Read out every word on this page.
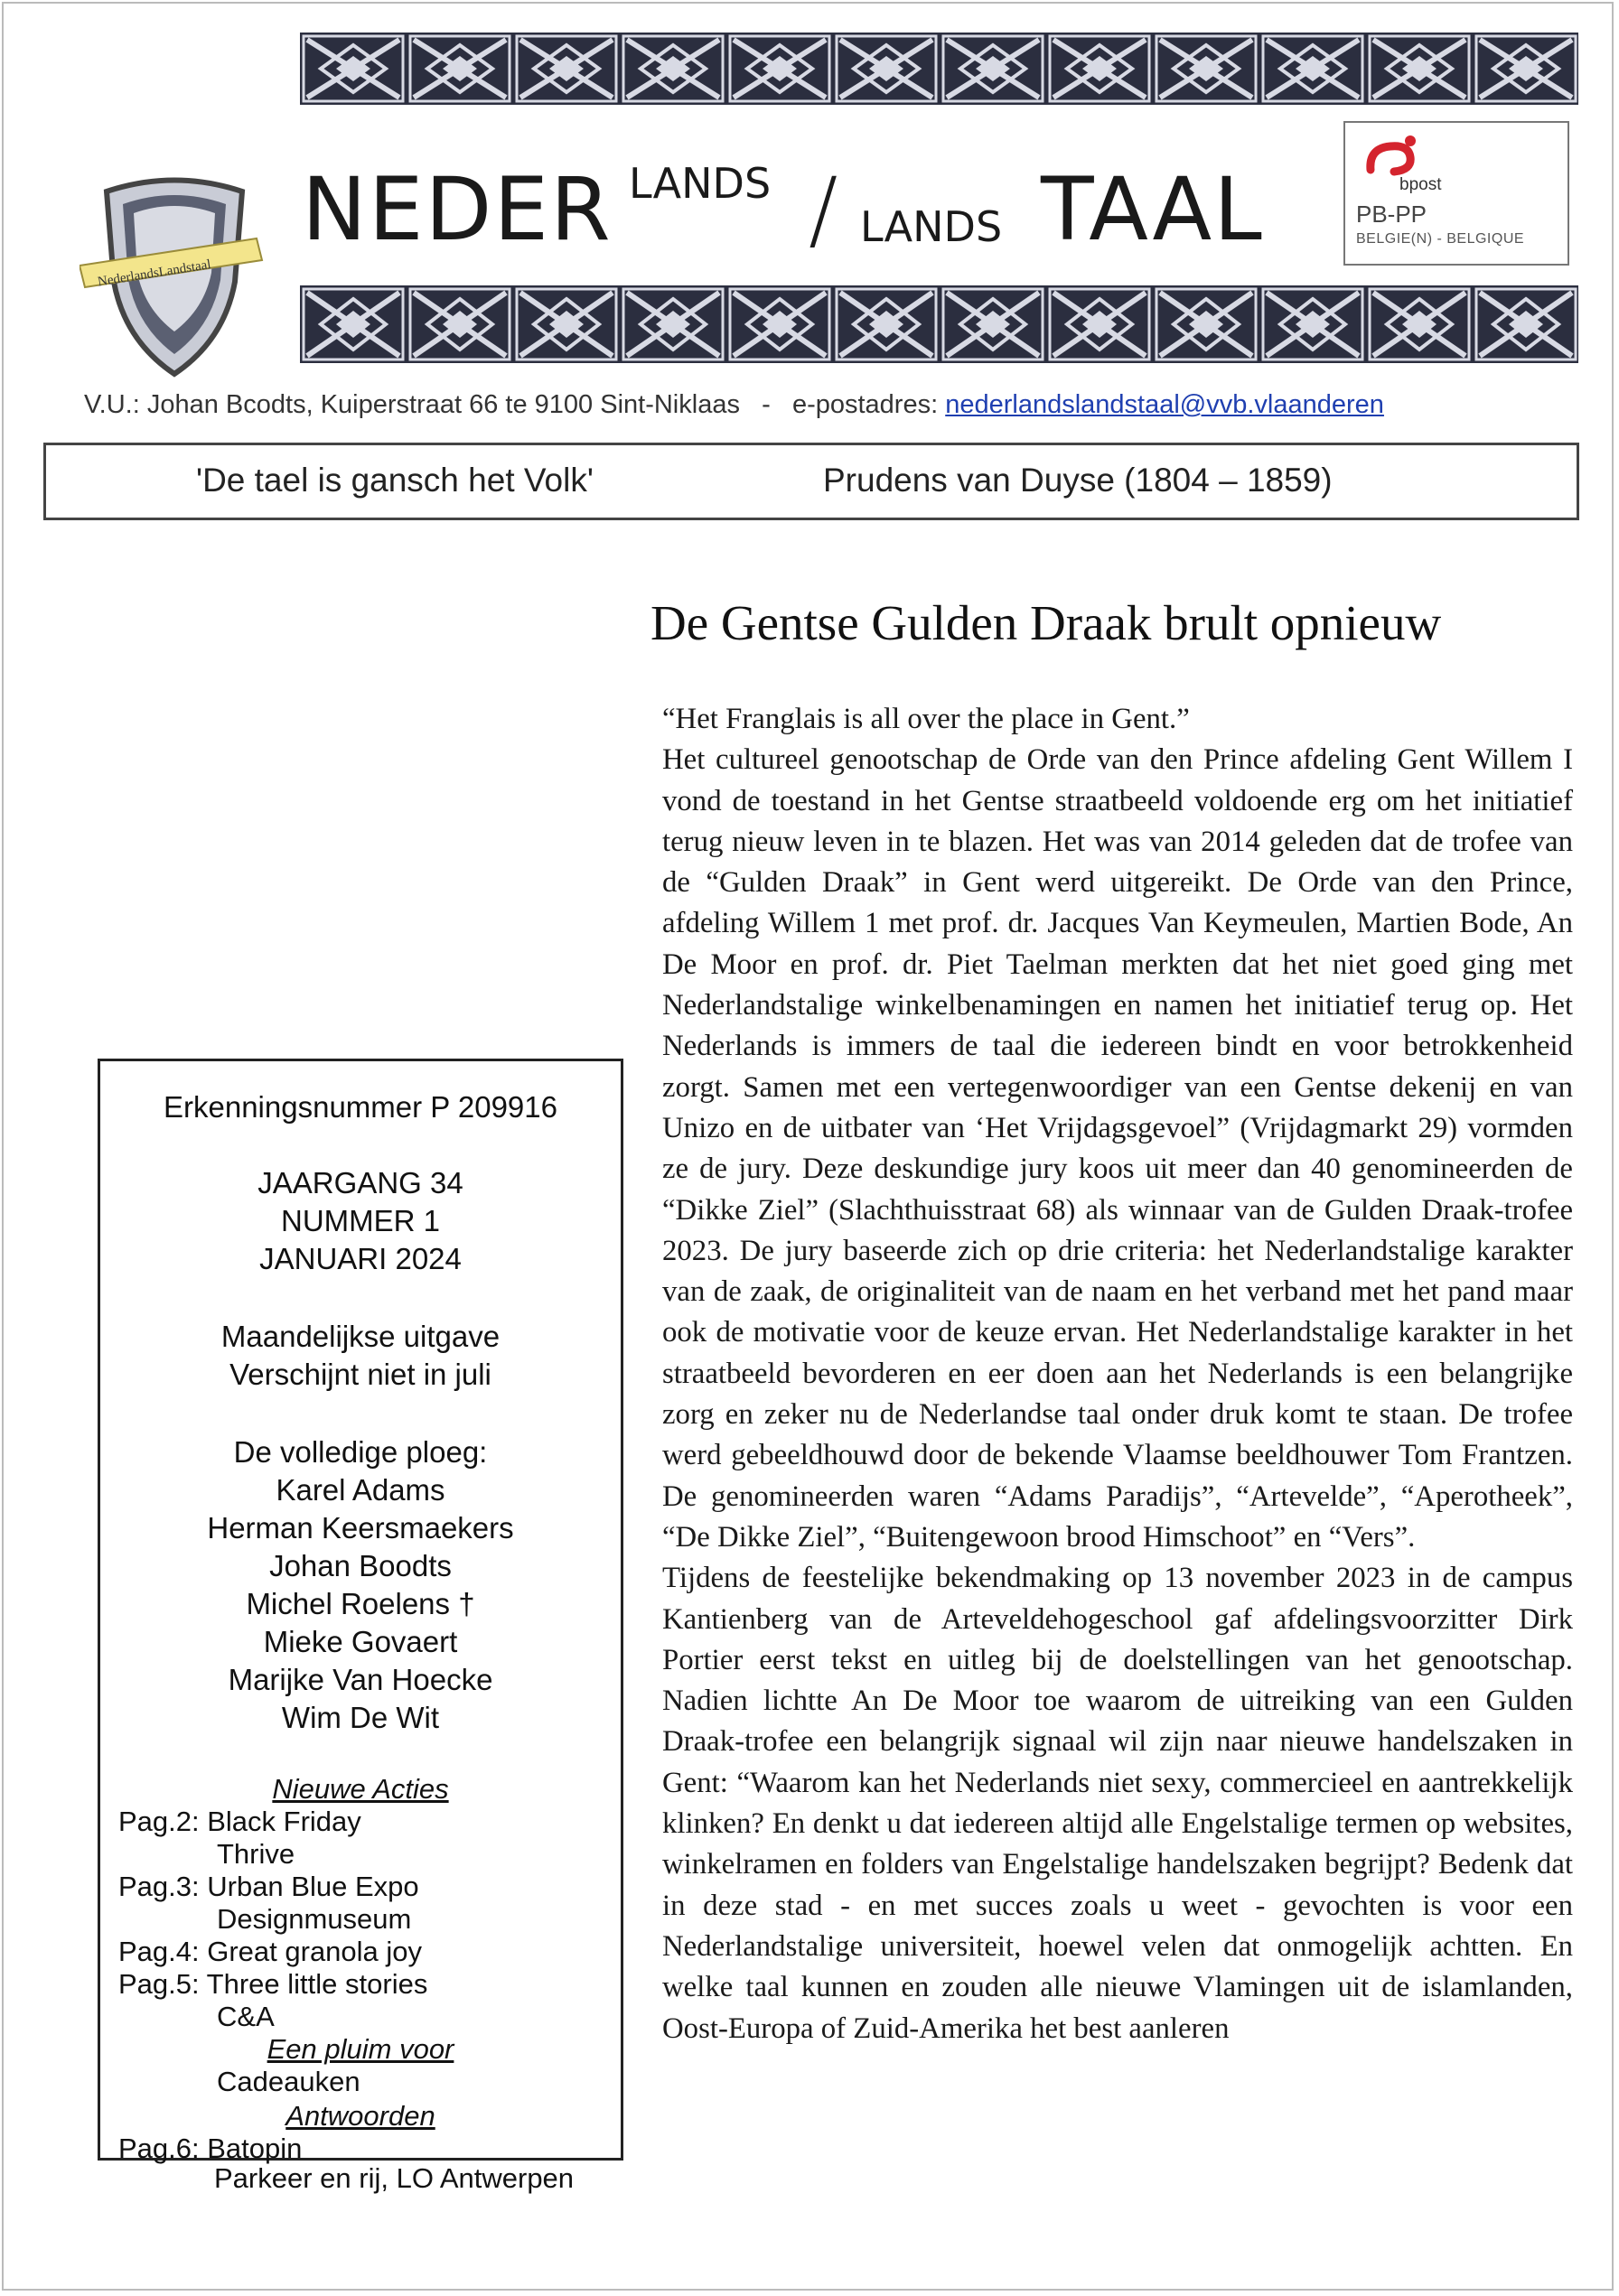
NederlandsLandstaal
NEDER LANDS / LANDS TAAL	bpost
PB-PP
BELGIE(N) - BELGIQUE
V.U.: Johan Bcodts, Kuiperstraat 66 te 9100 Sint-Niklaas   -   e-postadres: nederlandslandstaal@vvb.vlaanderen
'De tael is gansch het Volk'	Prudens van Duyse (1804 – 1859)
De Gentse Gulden Draak brult opnieuw

“Het Franglais is all over the place in Gent.”

Het cultureel genootschap de Orde van den Prince afdeling Gent Willem I vond de toestand in het Gentse straatbeeld voldoende erg om het initiatief terug nieuw leven in te blazen. Het was van 2014 geleden dat de trofee van de “Gulden Draak” in Gent werd uitgereikt. De Orde van den Prince, afdeling Willem 1 met prof. dr. Jacques Van Keymeulen, Martien Bode, An De Moor en prof. dr. Piet Taelman merkten dat het niet goed ging met Nederlandstalige winkelbenamingen en namen het initiatief terug op. Het Nederlands is immers de taal die iedereen bindt en voor betrokkenheid zorgt. Samen met een vertegenwoordiger van een Gentse dekenij en van Unizo en de uitbater van ‘Het Vrijdagsgevoel” (Vrijdagmarkt 29) vormden ze de jury. Deze deskundige jury koos uit meer dan 40 genomineerden de “Dikke Ziel” (Slachthuisstraat 68) als winnaar van de Gulden Draak-trofee 2023. De jury baseerde zich op drie criteria: het Nederlandstalige karakter van de zaak, de originaliteit van de naam en het verband met het pand maar ook de motivatie voor de keuze ervan. Het Nederlandstalige karakter in het straatbeeld bevorderen en eer doen aan het Nederlands is een belangrijke zorg en zeker nu de Nederlandse taal onder druk komt te staan. De trofee werd gebeeldhouwd door de bekende Vlaamse beeldhouwer Tom Frantzen. De genomineerden waren “Adams Paradijs”, “Artevelde”, “Aperotheek”, “De Dikke Ziel”, “Buitengewoon brood Himschoot” en “Vers”.

Tijdens de feestelijke bekendmaking op 13 november 2023 in de campus Kantienberg van de Arteveldehogeschool gaf afdelingsvoorzitter Dirk Portier eerst tekst en uitleg bij de doelstellingen van het genootschap. Nadien lichtte An De Moor toe waarom de uitreiking van een Gulden Draak-trofee een belangrijk signaal wil zijn naar nieuwe handelszaken in Gent: “Waarom kan het Nederlands niet sexy, commercieel en aantrekkelijk klinken? En denkt u dat iedereen altijd alle Engelstalige termen op websites, winkelramen en folders van Engelstalige handelszaken begrijpt? Bedenk dat in deze stad - en met succes zoals u weet - gevochten is voor een Nederlandstalige universiteit, hoewel velen dat onmogelijk achtten. En welke taal kunnen en zouden alle nieuwe Vlamingen uit de islamlanden, Oost-Europa of Zuid-Amerika het best aanleren

Erkenningsnummer P 209916
JAARGANG 34
NUMMER 1
JANUARI 2024
Maandelijkse uitgave
Verschijnt niet in juli
De volledige ploeg:
Karel Adams
Herman Keersmaekers
Johan Boodts
Michel Roelens †
Mieke Govaert
Marijke Van Hoecke
Wim De Wit
Nieuwe Acties
Pag.2: Black Friday
Thrive
Pag.3: Urban Blue Expo
Designmuseum
Pag.4: Great granola joy
Pag.5: Three little stories
C&A
Een pluim voor
Cadeauken
Antwoorden
Pag.6: Batopin
Parkeer en rij, LO Antwerpen
